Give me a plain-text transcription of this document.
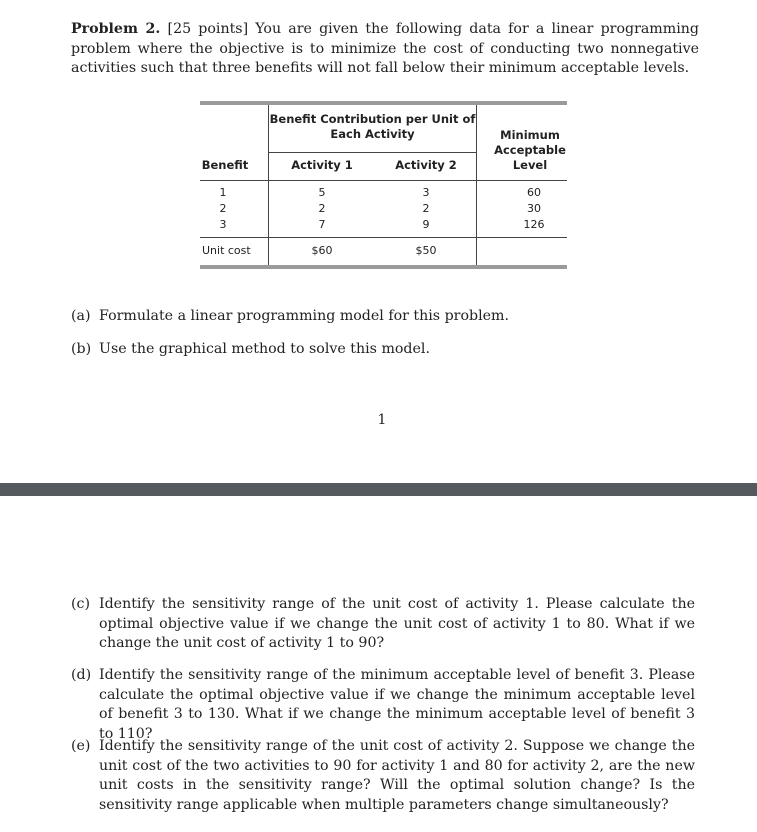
Problem 2. [25 points] You are given the following data for a linear programming problem where the objective is to minimize the cost of conducting two nonnegative activities such that three benefits will not fall below their minimum acceptable levels.
Benefit Contribution per Unit of Each Activity
Benefit	Activity 1	Activity 2
Minimum Acceptable Level
1	5	3	60
2	2	2	30
3	7	9	126
Unit cost	$60	$50
(a) Formulate a linear programming model for this problem.
(b) Use the graphical method to solve this model.
1
(c) Identify the sensitivity range of the unit cost of activity 1. Please calculate the optimal objective value if we change the unit cost of activity 1 to 80. What if we change the unit cost of activity 1 to 90?
(d) Identify the sensitivity range of the minimum acceptable level of benefit 3. Please calculate the optimal objective value if we change the minimum acceptable level of benefit 3 to 130. What if we change the minimum acceptable level of benefit 3 to 110?
(e) Identify the sensitivity range of the unit cost of activity 2. Suppose we change the unit cost of the two activities to 90 for activity 1 and 80 for activity 2, are the new unit costs in the sensitivity range? Will the optimal solution change? Is the sensitivity range applicable when multiple parameters change simultaneously?
